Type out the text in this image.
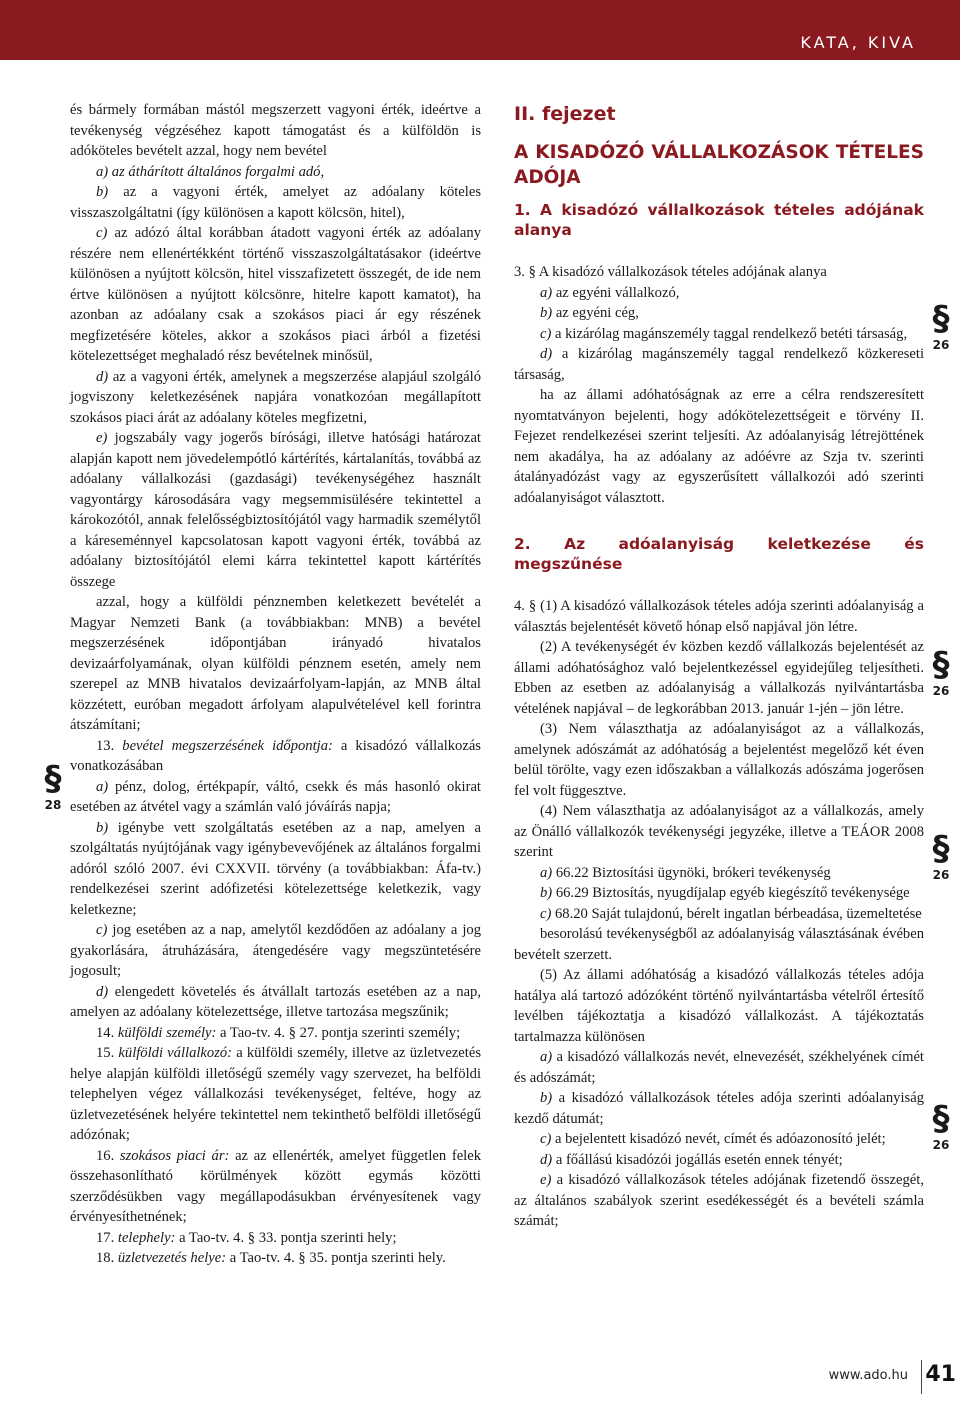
KATA, KIVA

és bármely formában mástól megszerzett vagyoni érték, ideértve a tevékenység végzéséhez kapott támogatást és a külföldön is adóköteles bevételt azzal, hogy nem bevétel

a) az áthárított általános forgalmi adó,

b) az a vagyoni érték, amelyet az adóalany köteles visszaszolgáltatni (így különösen a kapott kölcsön, hitel),

c) az adózó által korábban átadott vagyoni érték az adóalany részére nem ellenértékként történő visszaszolgáltatásakor (ideértve különösen a nyújtott kölcsön, hitel visszafizetett összegét, de ide nem értve különösen a nyújtott kölcsönre, hitelre kapott kamatot), ha azonban az adóalany csak a szokásos piaci ár egy részének megfizetésére köteles, akkor a szokásos piaci árból a fizetési kötelezettséget meghaladó rész bevételnek minősül,

d) az a vagyoni érték, amelynek a megszerzése alapjául szolgáló jogviszony keletkezésének napjára vonatkozóan megállapított szokásos piaci árát az adóalany köteles megfizetni,

e) jogszabály vagy jogerős bírósági, illetve hatósági határozat alapján kapott nem jövedelempótló kártérítés, kártalanítás, továbbá az adóalany vállalkozási (gazdasági) tevékenységéhez használt vagyontárgy károsodására vagy megsemmisülésére tekintettel a károkozótól, annak felelősségbiztosítójától vagy harmadik személytől a káreseménnyel kapcsolatosan kapott vagyoni érték, továbbá az adóalany biztosítójától elemi kárra tekintettel kapott kártérítés összege

azzal, hogy a külföldi pénznemben keletkezett bevételét a Magyar Nemzeti Bank (a továbbiakban: MNB) a bevétel megszerzésének időpontjában irányadó hivatalos devizaárfolyamának, olyan külföldi pénznem esetén, amely nem szerepel az MNB hivatalos devizaárfolyam-lapján, az MNB által közzétett, euróban megadott árfolyam alapulvételével kell forintra átszámítani;

13. bevétel megszerzésének időpontja: a kisadózó vállalkozás vonatkozásában

a) pénz, dolog, értékpapír, váltó, csekk és más hasonló okirat esetében az átvétel vagy a számlán való jóváírás napja;

b) igénybe vett szolgáltatás esetében az a nap, amelyen a szolgáltatás nyújtójának vagy igénybevevőjének az általános forgalmi adóról szóló 2007. évi CXXVII. törvény (a továbbiakban: Áfa-tv.) rendelkezései szerint adófizetési kötelezettsége keletkezik, vagy keletkezne;

c) jog esetében az a nap, amelytől kezdődően az adóalany a jog gyakorlására, átruházására, átengedésére vagy megszüntetésére jogosult;

d) elengedett követelés és átvállalt tartozás esetében az a nap, amelyen az adóalany kötelezettsége, illetve tartozása megszűnik;

14. külföldi személy: a Tao-tv. 4. § 27. pontja szerinti személy;

15. külföldi vállalkozó: a külföldi személy, illetve az üzletvezetés helye alapján külföldi illetőségű személy vagy szervezet, ha belföldi telephelyen végez vállalkozási tevékenységet, feltéve, hogy az üzletvezetésének helyére tekintettel nem tekinthető belföldi illetőségű adózónak;

16. szokásos piaci ár: az az ellenérték, amelyet független felek összehasonlítható körülmények között egymás közötti szerződésükben vagy megállapodásukban érvényesítenek vagy érvényesíthetnének;

17. telephely: a Tao-tv. 4. § 33. pontja szerinti hely;

18. üzletvezetés helye: a Tao-tv. 4. § 35. pontja szerinti hely.

II. fejezet
A KISADÓZÓ VÁLLALKOZÁSOK TÉTELES ADÓJA
1. A kisadózó vállalkozások tételes adójának alanya

3. § A kisadózó vállalkozások tételes adójának alanya

a) az egyéni vállalkozó,

b) az egyéni cég,

c) a kizárólag magánszemély taggal rendelkező betéti társaság,

d) a kizárólag magánszemély taggal rendelkező közkereseti társaság,

ha az állami adóhatóságnak az erre a célra rendszeresített nyomtatványon bejelenti, hogy adókötelezettségeit e törvény II. Fejezet rendelkezései szerint teljesíti. Az adóalanyiság létrejöttének nem akadálya, ha az adóalany az adóévre az Szja tv. szerinti átalányadózást vagy az egyszerűsített vállalkozói adó szerinti adóalanyiságot választott.

2. Az adóalanyiság keletkezése és megszűnése

4. § (1) A kisadózó vállalkozások tételes adója szerinti adóalanyiság a választás bejelentését követő hónap első napjával jön létre.

(2) A tevékenységét év közben kezdő vállalkozás bejelentését az állami adóhatósághoz való bejelentkezéssel egyidejűleg teljesítheti. Ebben az esetben az adóalanyiság a vállalkozás nyilvántartásba vételének napjával – de legkorábban 2013. január 1-jén – jön létre.

(3) Nem választhatja az adóalanyiságot az a vállalkozás, amelynek adószámát az adóhatóság a bejelentést megelőző két éven belül törölte, vagy ezen időszakban a vállalkozás adószáma jogerősen fel volt függesztve.

(4) Nem választhatja az adóalanyiságot az a vállalkozás, amely az Önálló vállalkozók tevékenységi jegyzéke, illetve a TEÁOR 2008 szerint

a) 66.22 Biztosítási ügynöki, brókeri tevékenység

b) 66.29 Biztosítás, nyugdíjalap egyéb kiegészítő tevékenysége

c) 68.20 Saját tulajdonú, bérelt ingatlan bérbeadása, üzemeltetése

besorolású tevékenységből az adóalanyiság választásának évében bevételt szerzett.

(5) Az állami adóhatóság a kisadózó vállalkozás tételes adója hatálya alá tartozó adózóként történő nyilvántartásba vételről értesítő levélben tájékoztatja a kisadózó vállalkozást. A tájékoztatás tartalmazza különösen

a) a kisadózó vállalkozás nevét, elnevezését, székhelyének címét és adószámát;

b) a kisadózó vállalkozások tételes adója szerinti adóalanyiság kezdő dátumát;

c) a bejelentett kisadózó nevét, címét és adóazonosító jelét;

d) a főállású kisadózói jogállás esetén ennek tényét;

e) a kisadózó vállalkozások tételes adójának fizetendő összegét, az általános szabályok szerint esedékességét és a bevételi számla számát;

§
28
§
26
§
26
§
26
§
26
www.ado.hu 41
